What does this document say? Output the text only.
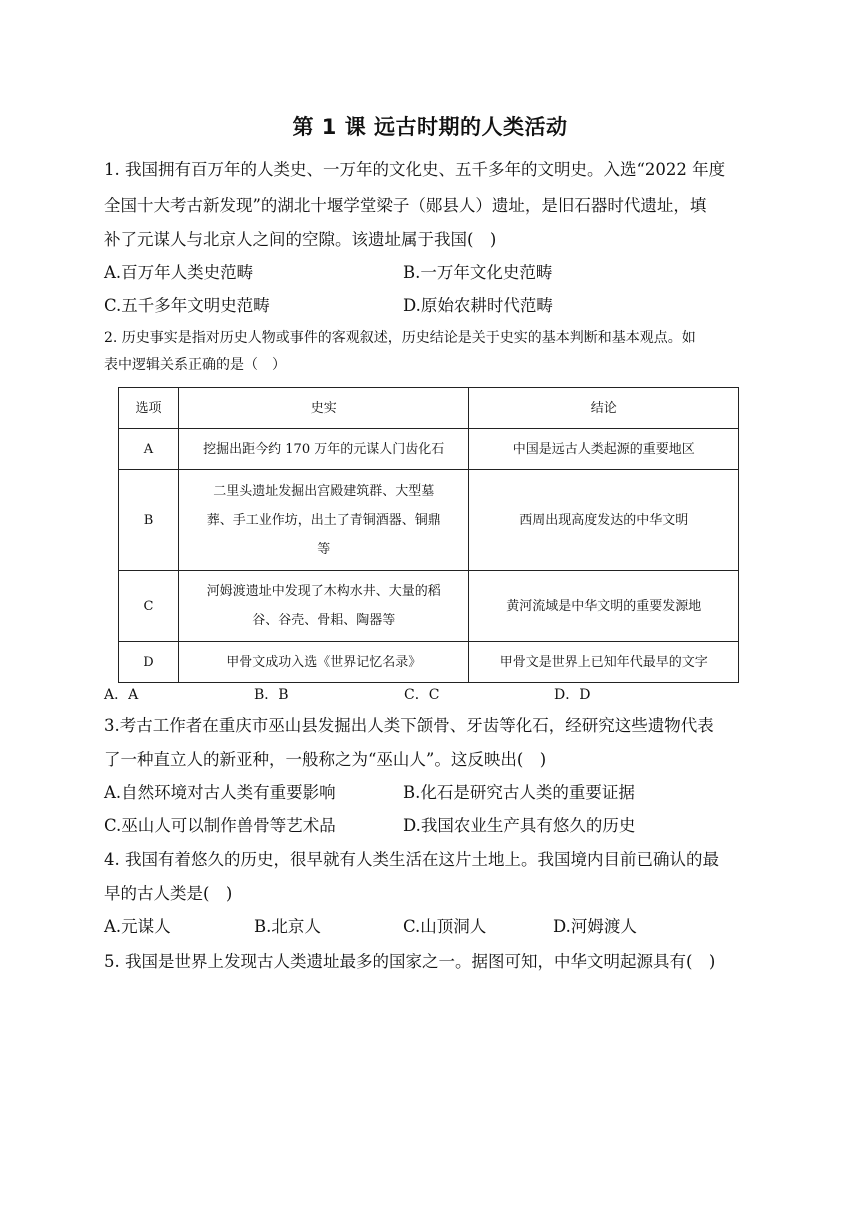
第 1 课 远古时期的人类活动
1. 我国拥有百万年的人类史、一万年的文化史、五千多年的文明史。入选“2022 年度
全国十大考古新发现”的湖北十堰学堂梁子（郧县人）遗址，是旧石器时代遗址，填
补了元谋人与北京人之间的空隙。该遗址属于我国(　)
A.百万年人类史范畴	B.一万年文化史范畴
C.五千多年文明史范畴	D.原始农耕时代范畴
2. 历史事实是指对历史人物或事件的客观叙述，历史结论是关于史实的基本判断和基本观点。如
表中逻辑关系正确的是（　）
选项	史实	结论
A	挖掘出距今约 170 万年的元谋人门齿化石	中国是远古人类起源的重要地区
B	二里头遗址发掘出宫殿建筑群、大型墓
葬、手工业作坊，出土了青铜酒器、铜鼎
等	西周出现高度发达的中华文明
C	河姆渡遗址中发现了木构水井、大量的稻
谷、谷壳、骨耜、陶器等	黄河流域是中华文明的重要发源地
D	甲骨文成功入选《世界记忆名录》	甲骨文是世界上已知年代最早的文字
A．A	B．B	C．C	D．D
3.考古工作者在重庆市巫山县发掘出人类下颌骨、牙齿等化石，经研究这些遗物代表
了一种直立人的新亚种，一般称之为“巫山人”。这反映出(　)
A.自然环境对古人类有重要影响	B.化石是研究古人类的重要证据
C.巫山人可以制作兽骨等艺术品	D.我国农业生产具有悠久的历史
4. 我国有着悠久的历史，很早就有人类生活在这片土地上。我国境内目前已确认的最
早的古人类是(　)
A.元谋人	B.北京人	C.山顶洞人	D.河姆渡人
5. 我国是世界上发现古人类遗址最多的国家之一。据图可知，中华文明起源具有(　)
